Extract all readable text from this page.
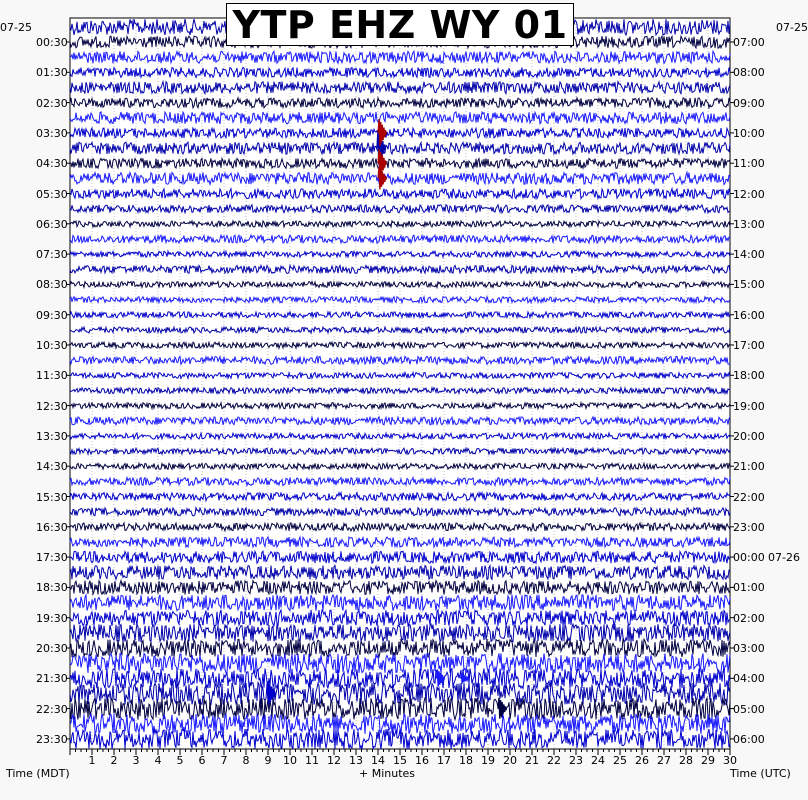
YTP EHZ WY 01
07-25	07-25
00:30
01:30
02:30
03:30
04:30
05:30
06:30
07:30
08:30
09:30
10:30
11:30
12:30
13:30
14:30
15:30
16:30
17:30
18:30
19:30
20:30
21:30
22:30
23:30
07:00
08:00
09:00
10:00
11:00
12:00
13:00
14:00
15:00
16:00
17:00
18:00
19:00
20:00
21:00
22:00
23:00
00:00 07-26
01:00
02:00
03:00
04:00
05:00
06:00
1 2 3 4 5 6 7 8 9 10 11 12 13 14 15 16 17 18 19 20 21 22 23 24 25 26 27 28 29 30
Time (MDT)	+ Minutes	Time (UTC)
